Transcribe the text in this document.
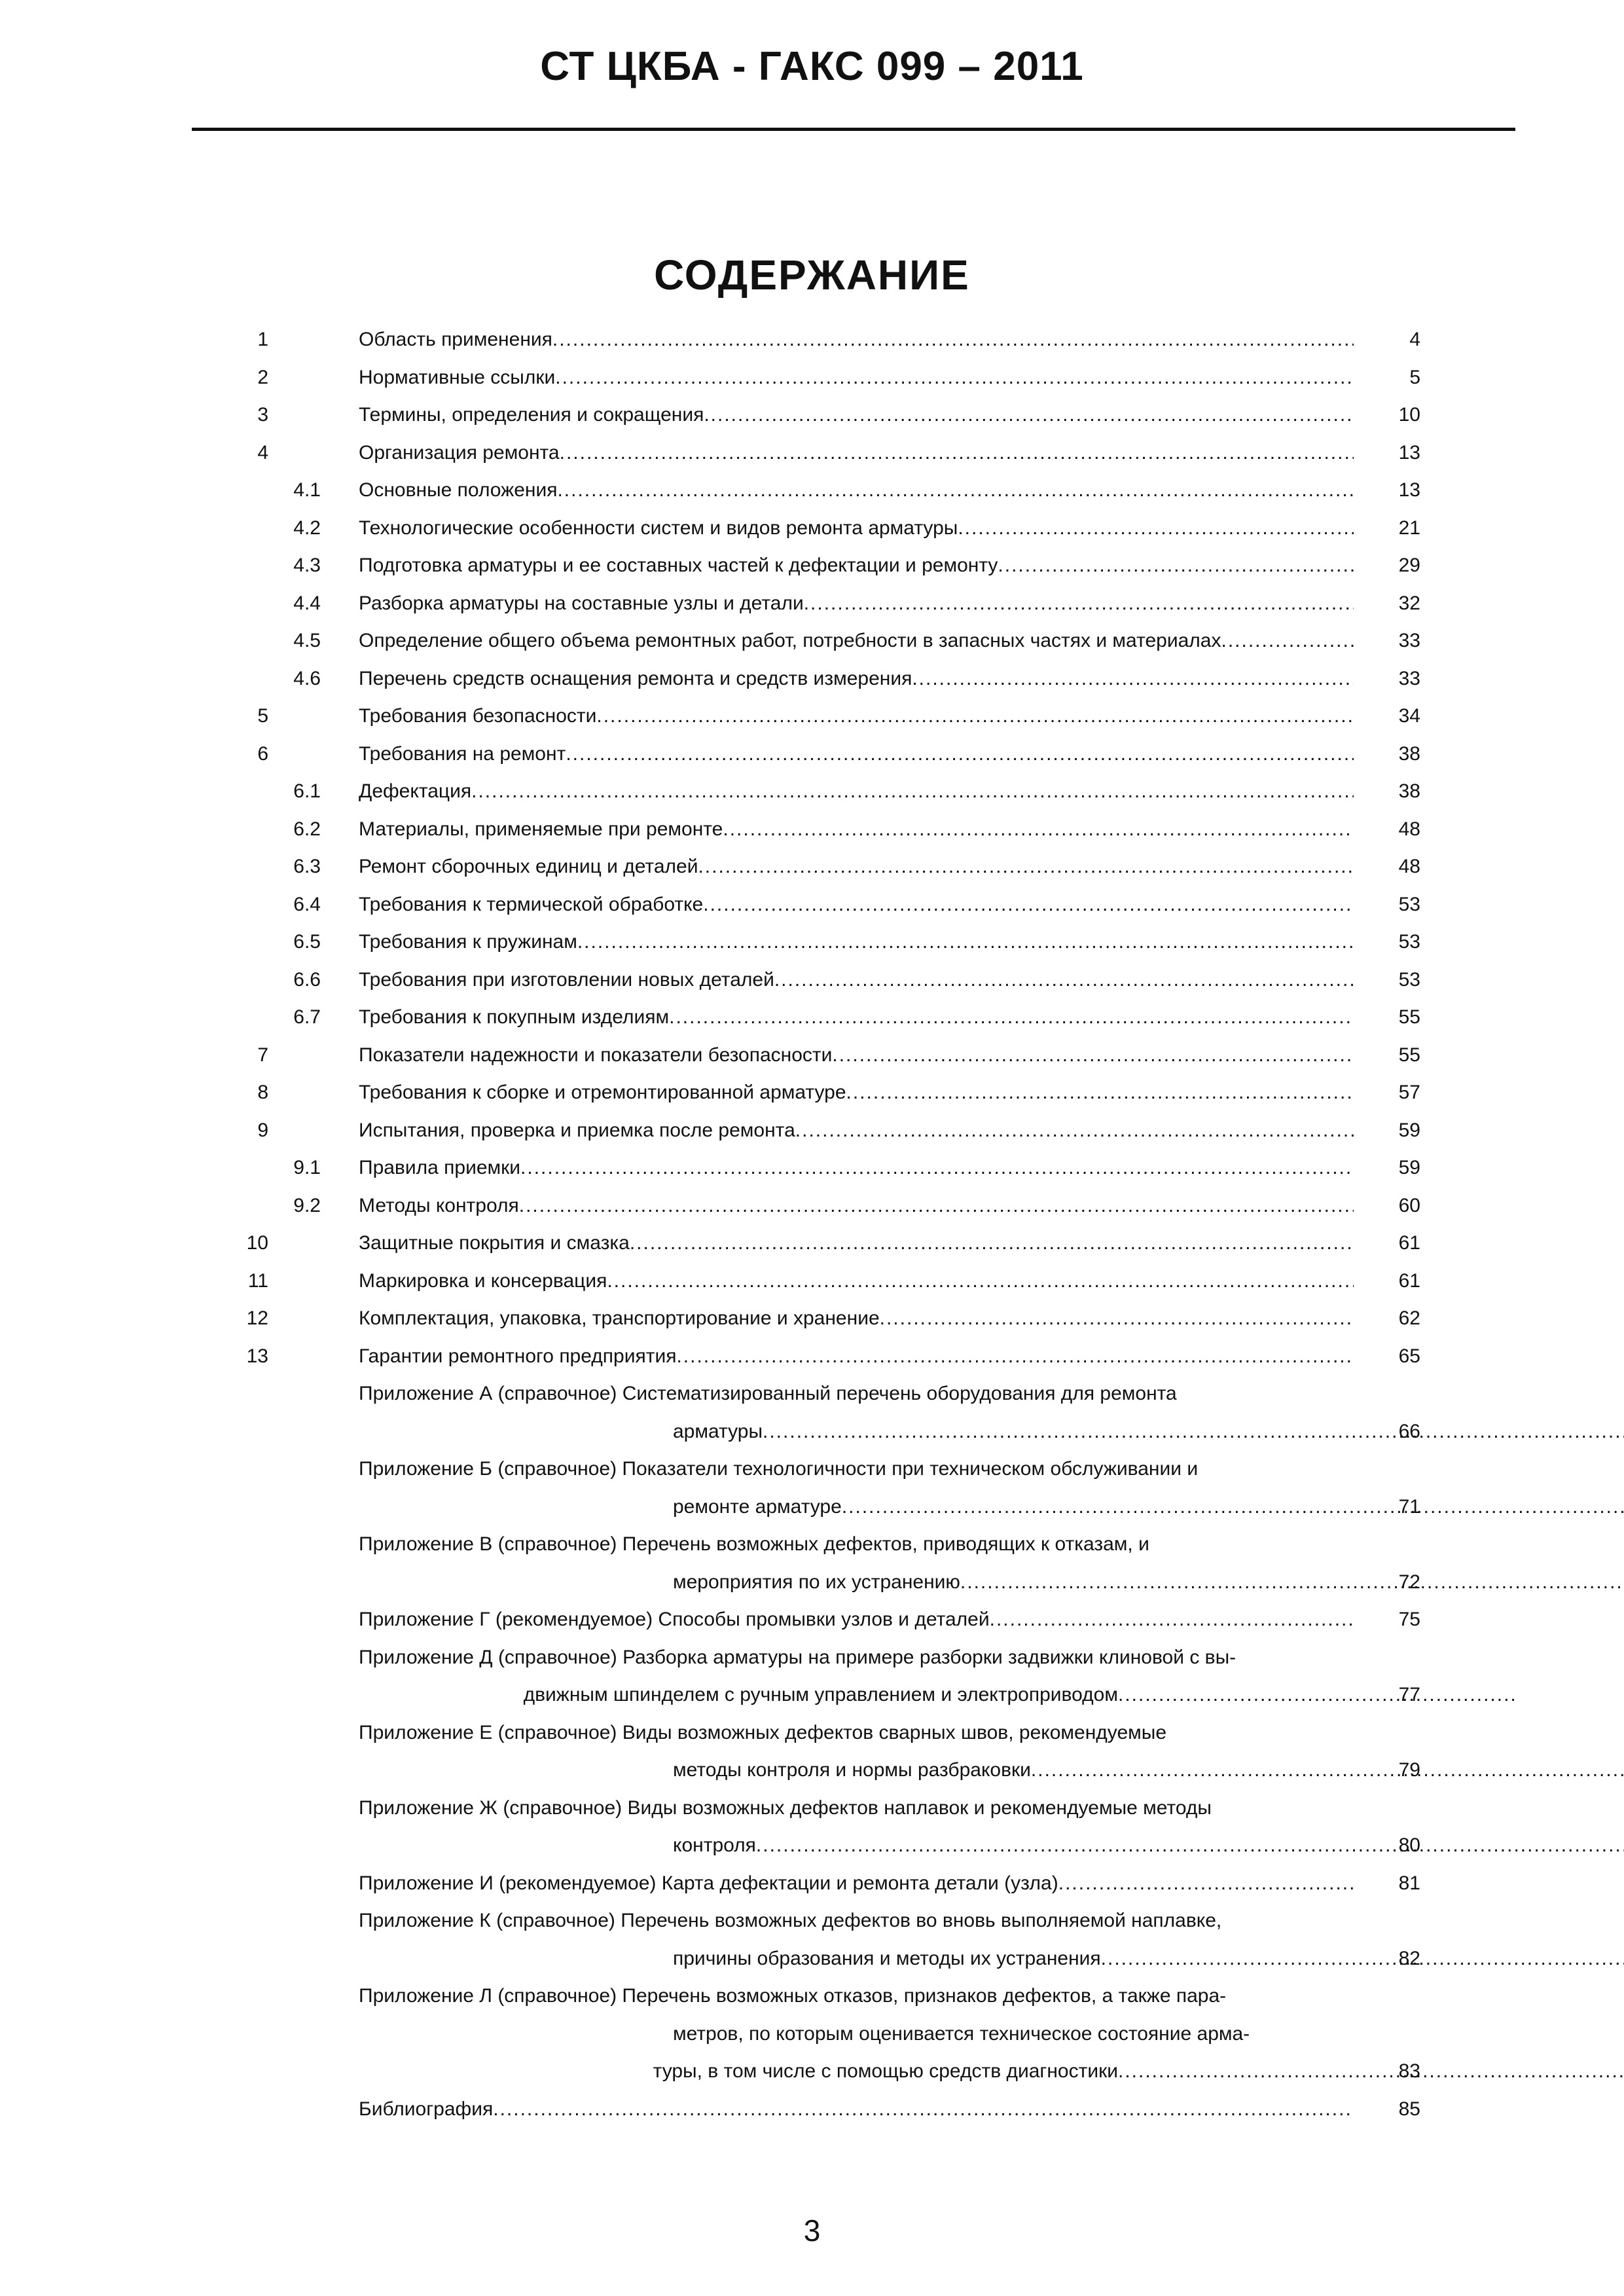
СТ ЦКБА - ГАКС 099 – 2011
СОДЕРЖАНИЕ
1	Область применения .....	4
2	Нормативные ссылки .....	5
3	Термины, определения и сокращения .....	10
4	Организация ремонта .....	13
4.1 Основные положения .....	13
4.2 Технологические особенности систем и видов ремонта арматуры .....	21
4.3 Подготовка арматуры и ее составных частей к дефектации и ремонту .....	29
4.4 Разборка арматуры на составные узлы и детали .....	32
4.5 Определение общего объема ремонтных работ, потребности в запасных частях и материалах .....	33
4.6 Перечень средств оснащения ремонта и средств измерения .....	33
5	Требования безопасности .....	34
6	Требования на ремонт .....	38
6.1 Дефектация .....	38
6.2 Материалы, применяемые при ремонте .....	48
6.3 Ремонт сборочных единиц и деталей .....	48
6.4 Требования к термической обработке .....	53
6.5 Требования к пружинам .....	53
6.6 Требования при изготовлении новых деталей .....	53
6.7 Требования к покупным изделиям .....	55
7	Показатели надежности и показатели безопасности .....	55
8	Требования к сборке и отремонтированной арматуре .....	57
9	Испытания, проверка и приемка после ремонта .....	59
9.1 Правила приемки .....	59
9.2 Методы контроля .....	60
10	Защитные покрытия и смазка .....	61
11	Маркировка и консервация .....	61
12	Комплектация, упаковка, транспортирование и хранение .....	62
13	Гарантии ремонтного предприятия .....	65
Приложение А (справочное) Систематизированный перечень оборудования для ремонта
арматуры .....	66
Приложение Б (справочное) Показатели технологичности при техническом обслуживании и
ремонте арматуре .....	71
Приложение В (справочное) Перечень возможных дефектов, приводящих к отказам, и
мероприятия по их устранению .....	72
Приложение Г (рекомендуемое) Способы промывки узлов и деталей .....	75
Приложение Д (справочное) Разборка арматуры на примере разборки задвижки клиновой с вы-
движным шпинделем с ручным управлением и электроприводом .....	77
Приложение Е (справочное) Виды возможных дефектов сварных швов, рекомендуемые
методы контроля и нормы разбраковки .....	79
Приложение Ж (справочное) Виды возможных дефектов наплавок и рекомендуемые методы
контроля .....	80
Приложение И (рекомендуемое) Карта дефектации и ремонта детали (узла) .....	81
Приложение К (справочное) Перечень возможных дефектов во вновь выполняемой наплавке,
причины образования и методы их устранения .....	82
Приложение Л (справочное) Перечень возможных отказов, признаков дефектов, а также пара-
метров, по которым оценивается техническое состояние арма-
туры, в том числе с помощью средств диагностики .....	83
Библиография .....	85
3
